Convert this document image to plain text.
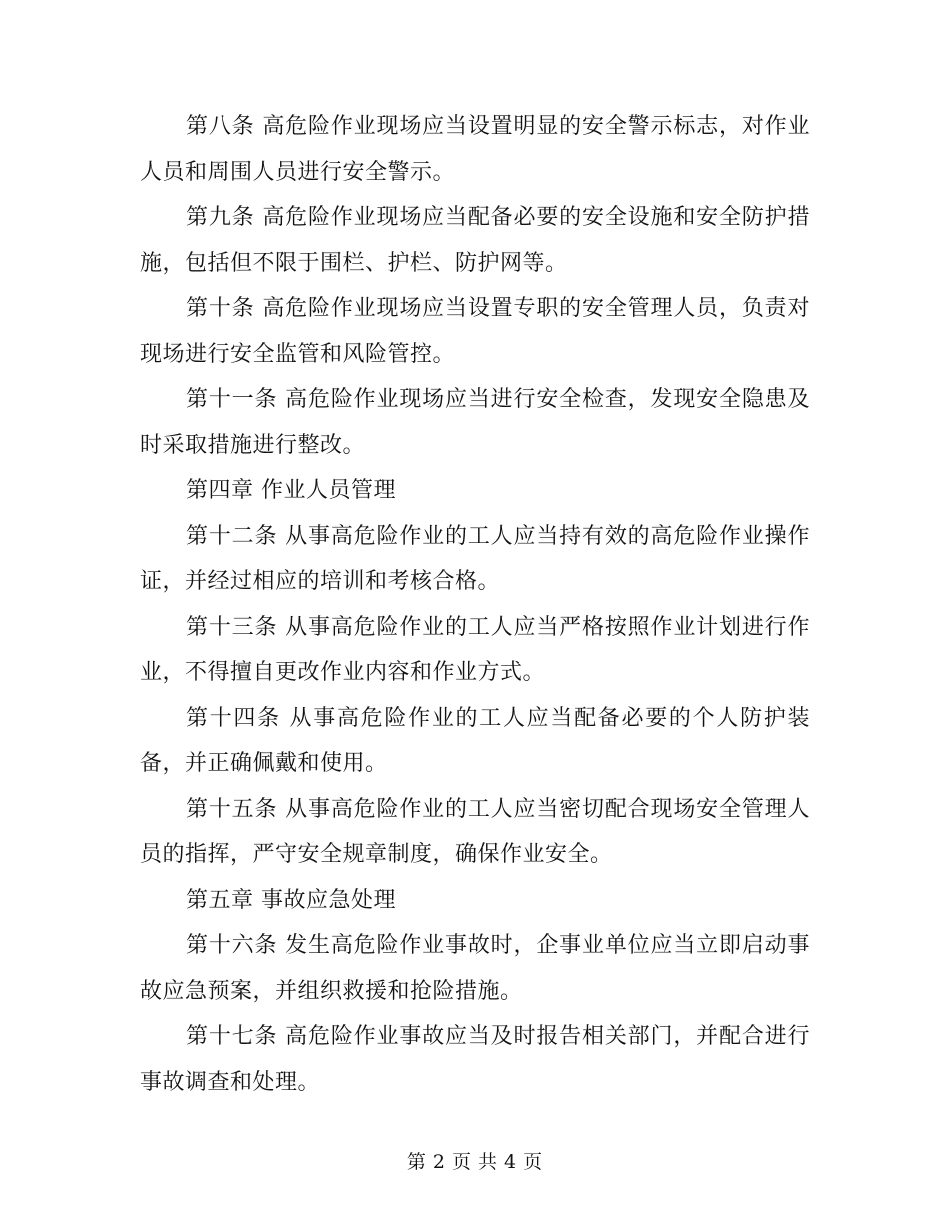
第八条 高危险作业现场应当设置明显的安全警示标志，对作业人员和周围人员进行安全警示。

第九条 高危险作业现场应当配备必要的安全设施和安全防护措施，包括但不限于围栏、护栏、防护网等。

第十条 高危险作业现场应当设置专职的安全管理人员，负责对现场进行安全监管和风险管控。

第十一条 高危险作业现场应当进行安全检查，发现安全隐患及时采取措施进行整改。

第四章 作业人员管理

第十二条 从事高危险作业的工人应当持有效的高危险作业操作证，并经过相应的培训和考核合格。

第十三条 从事高危险作业的工人应当严格按照作业计划进行作业，不得擅自更改作业内容和作业方式。

第十四条 从事高危险作业的工人应当配备必要的个人防护装备，并正确佩戴和使用。

第十五条 从事高危险作业的工人应当密切配合现场安全管理人员的指挥，严守安全规章制度，确保作业安全。

第五章 事故应急处理

第十六条 发生高危险作业事故时，企事业单位应当立即启动事故应急预案，并组织救援和抢险措施。

第十七条 高危险作业事故应当及时报告相关部门，并配合进行事故调查和处理。

第 2 页 共 4 页
